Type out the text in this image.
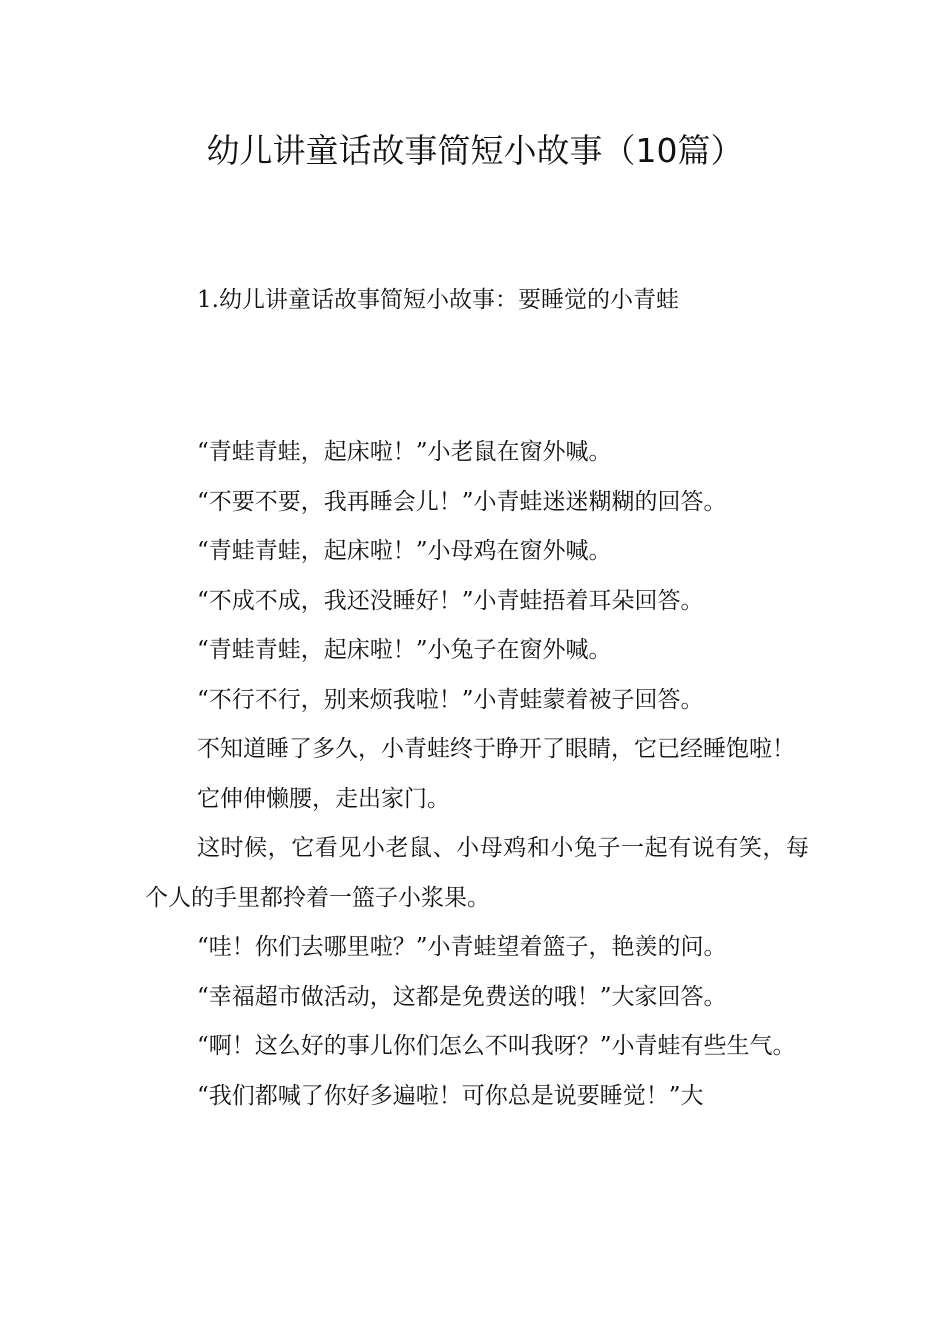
幼儿讲童话故事简短小故事（10篇）
1.幼儿讲童话故事简短小故事：要睡觉的小青蛙

“青蛙青蛙，起床啦！”小老鼠在窗外喊。

“不要不要，我再睡会儿！”小青蛙迷迷糊糊的回答。

“青蛙青蛙，起床啦！”小母鸡在窗外喊。

“不成不成，我还没睡好！”小青蛙捂着耳朵回答。

“青蛙青蛙，起床啦！”小兔子在窗外喊。

“不行不行，别来烦我啦！”小青蛙蒙着被子回答。

不知道睡了多久，小青蛙终于睁开了眼睛，它已经睡饱啦！

它伸伸懒腰，走出家门。

这时候，它看见小老鼠、小母鸡和小兔子一起有说有笑，每个人的手里都拎着一篮子小浆果。

“哇！你们去哪里啦？”小青蛙望着篮子，艳羡的问。

“幸福超市做活动，这都是免费送的哦！”大家回答。

“啊！这么好的事儿你们怎么不叫我呀？”小青蛙有些生气。

“我们都喊了你好多遍啦！可你总是说要睡觉！”大
